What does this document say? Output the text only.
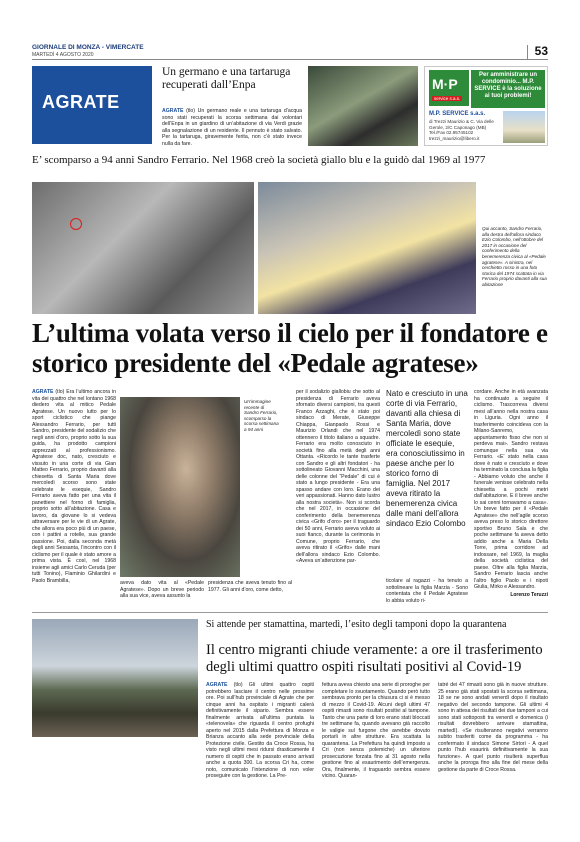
GIORNALE DI MONZA - VIMERCATE
MARTEDÌ 4 AGOSTO 2020	53
AGRATE
Un germano e una tartaruga recuperati dall’Enpa
AGRATE (tlo) Un germano reale e una tartaruga d’acqua sono stati recuperati la scorsa settimana dai volontari dell’Enpa in un giardino di un’abitazione di via Verdi grazie alla segnalazione di un residente. Il pennuto è stato salvato. Per la tartaruga, giravemente ferita, non c’è stato invece nulla da fare.
M·P
service s.a.s.
Per amministrare un condominio... M.P. SERVICE è la soluzione ai tuoi problemi!
M.P. SERVICE s.a.s.
di Trezzi Maurizio & C. Via delle Gerole, 2/C Caponago (MB) Tel./Fax 02.95745102 trezzi_maurizio@libero.it
E’ scomparso a 94 anni Sandro Ferrario. Nel 1968 creò la società giallo blu e la guidò dal 1969 al 1977
Qui accanto, Sandro Ferrario, alla destra dell’allora sindaco Ezio Colombo, nell’ottobre del 2017 in occasione del conferimento della benemerenza civica al «Pedale agratese». A sinistra, nel cerchietto rosso in una foto storica del 1974 scattata in via Ferrario proprio davanti alla sua abitazione
L’ultima volata verso il cielo per il fondatore e storico presidente del «Pedale agratese»
AGRATE (tlo) Era l’ultimo ancora in vita dei quattro che nel lontano 1968 diedero vita al mitico Pedale Agratese. Un nuovo lutto per lo sport ciclistico che piange Alessandro Ferrario, per tutti Sandro, presidente del sodalizio che negli anni d’oro, proprio sotto la sua guida, ha prodotto campioni apprezzati al professionismo. Agratese doc, nato, cresciuto e vissuto in una corte di via Gian Matteo Ferrario, proprio davanti alla chiesetta di Santa Maria dove mercoledì scorso sono state celebrate le esequie, Sandro Ferrario aveva fatto per una vita il panettiere nel forno di famiglia, proprio sotto all’abitazione. Casa e lavoro, da giovane lo si vedeva attraversare per le vie di un Agrate, che allora era poco più di un paese, con i pattini a rotelle, sua grande passione. Poi, dalla seconda metà degli anni Sessanta, l’incontro con il ciclismo per il quale è stato amore a prima vista. È così, nel 1968 insieme agli amici Carlo Ceruda (per tutti Tonino), Flaminio Ghilardini e Paolo Brambilla,
Un’immagine recente di Sandro Ferrario, scomparso la scorsa settimana a 94 anni
aveva dato vita al «Pedale Agratese». Dopo un breve periodo alla sua vice, aveva assunto la
presidenza che aveva tenuto fino al 1977. Gli anni d’oro, come detto,
per il sodalizio giallobiu che sotto al presidenza di Ferrario aveva sfornato diversi campioni, tra questi Franco Azzaghi, che è stato poi sindaco di Merate, Giuseppe Chiappa, Gianpaolo Rossi e Maurizio Orlandi che nel 1974 ottennero il titolo italiano a squadre. Ferrario era molto conosciuto in società fino alla metà degli anni Ottanta. «Ricordo le tante trasferte con Sandro e gli altri fondatori - ha sottolineato Giovanni Macchini, una delle colonne del “Pedale” di cui è stato a lungo presidente - Era una spasso andare con loro. Erano dei veri appassionati. Hanno dato lustro alla nostra società». Non si scorda che nel 2017, in occasione del conferimento della benemerenza civica «Grifo d’oro» per il traguardo dei 50 anni, Ferrario aveva voluto ai suoi fianco, durante la cerimonia in Comune, proprio Ferrario, che aveva ritirato il «Grifo» dalle mani dell’allora sindaco Ezio Colombo. «Aveva un’attenzione par-
Nato e cresciuto in una corte di via Ferrario, davanti alla chiesa di Santa Maria, dove mercoledì sono state officiate le esequie, era conosciutissimo in paese anche per lo storico forno di famiglia. Nel 2017 aveva ritirato la benemerenza civica dalle mani dell’allora sindaco Ezio Colombo
ticolare al ragazzi - ha tenuto a sottolineare la figlia Marzia - Sono contentata che il Pedale Agratese lo abbia voluto ri-
cordare. Anche in età avanzata ha continuato a seguire il ciclismo. Trascorreva diversi mesi all’anno nella nostra casa in Liguria. Ogni anno il trasferimento coincideva con la Milano-Sanremo, appuntamento fisso che non si perdeva mai». Sandro restava comunque nella sua via Ferrario. «E’ stato nella casa dove è nato e cresciuto e dove ha terminato la conclusa la figlia - Abbiamo voluto che anche il funerale venisse celebrato nella chiesetta a pochi metri dall’abitazione. E il breve anche lo sai cenni tornavamo a casa». Un breve fatto per il «Pedale Agratese» che nell’agile scorso aveva preso lo storico direttore sportivo Bruno Sala e che poche settimane fa aveva detto addio anche a Maria Della Torre, prima corridore ad indossare, nel 1969, la maglia della società ciclistica del paese. Oltre alla figlia Marzia, Sandro Ferrario lascia anche l’altro figlio Paolo e i nipoti Giulia, Mirko e Alessandro.
Lorenzo Teruzzi
Si attende per stamattina, martedì, l’esito degli tamponi dopo la quarantena
Il centro migranti chiude veramente: a ore il trasferimento degli ultimi quattro ospiti risultati positivi al Covid-19
AGRATE (tlo) Gli ultimi quattro ospiti potrebbero lasciare il centro nelle prossime ore. Poi sull’hub provinciale di Agrate che per cinque anni ha ospitato i migranti calerà definitivamente il sipario. Sembra essere finalmente arrivata all’ultima puntata la «telenovela» che riguarda il centro profughi aperto nel 2015 dalla Prefettura di Monza e Brianza accanto alla sede provinciale della Protezione civile. Gestito da Croce Rossa, ha visto negli ultimi mesi ridursi drasticamente il numero di ospiti che in passato erano arrivati anche a quota 300. La scorsa Cri ha, come noto, comunicato l’intenzione di non voler proseguire con la gestione. La Pre-
fettura aveva chiesto una serie di proroghe per completare lo svuotamento. Quando però tutto sembrava pronto per la chiusura ci si è messo di mezzo il Covid-19. Alcuni degli ultimi 47 ospiti rimasti sono risultati positivi al tampone. Tanto che una parte di loro erano stati bloccati tre settimane fa, quando avevano già raccolto le valigie sul furgone che avrebbe dovuto portarli in altre strutture. Era scattata la quarantena. La Prefettura ha quindi imposto a Cri (non senza polemiche) un ulteriore prosecuzione forzata fino al 31 agosto nella gestione fino al esaurimento dell’emergenza. Ora, finalmente, il traguardo sembra essere vicino. Quaran-
tatré dei 47 rimasti sono già in nuove strutture. 25 erano già stati spostati la scorsa settimana, 18 se ne sono andati venerdì dopo il risultato negativo del secondo tampone. Gli ultimi 4 sono in attesa dei risultati dei due tamponi a cui sono stati sottoposti tra venerdì e domenica (i risultati dovrebbero arrivare stamattina, martedì). «Se risulteranno negativi verranno subito trasferiti come da programma - ha confermato il sindaco Simone Sirtori - A quel punto l’hub esaurirà definitivamente la sua funzione». A quel punto risulterà superflua anche la proroga fino alla fine del mese della gestione da parte di Croce Rossa.
